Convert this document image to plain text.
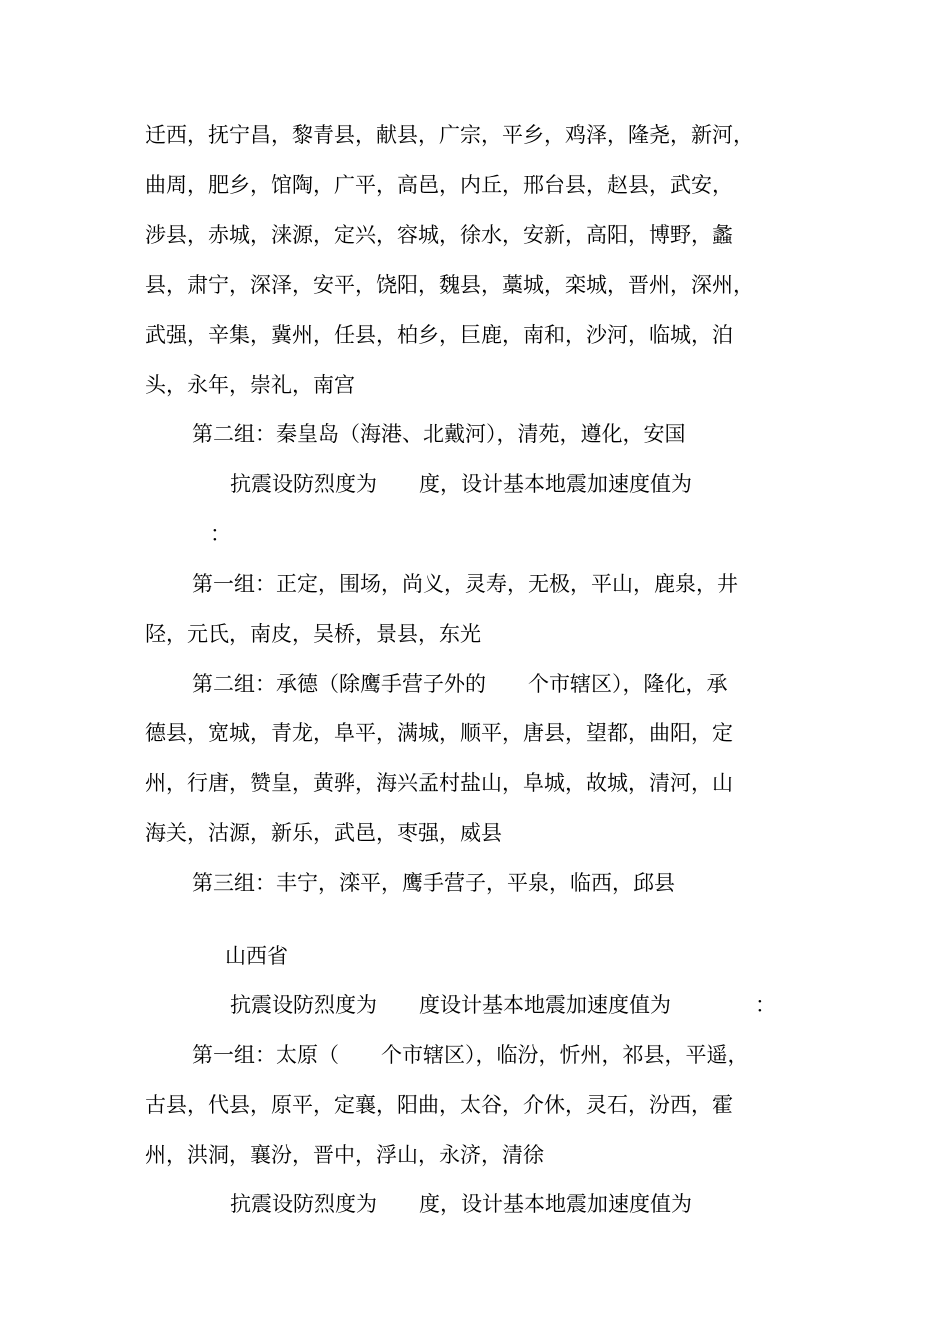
迁西，抚宁昌，黎青县，献县，广宗，平乡，鸡泽，隆尧，新河，
曲周，肥乡，馆陶，广平，高邑，内丘，邢台县，赵县，武安，
涉县，赤城，涞源，定兴，容城，徐水，安新，高阳，博野，蠡
县，肃宁，深泽，安平，饶阳，魏县，藁城，栾城，晋州，深州，
武强，辛集，冀州，任县，柏乡，巨鹿，南和，沙河，临城，泊
头，永年，崇礼，南宫
第二组：秦皇岛（海港、北戴河），清苑，遵化，安国
抗震设防烈度为　　度，设计基本地震加速度值为
：
第一组：正定，围场，尚义，灵寿，无极，平山，鹿泉，井
陉，元氏，南皮，吴桥，景县，东光
第二组：承德（除鹰手营子外的　　个市辖区），隆化，承
德县，宽城，青龙，阜平，满城，顺平，唐县，望都，曲阳，定
州，行唐，赞皇，黄骅，海兴孟村盐山，阜城，故城，清河，山
海关，沽源，新乐，武邑，枣强，威县
第三组：丰宁，滦平，鹰手营子，平泉，临西，邱县
山西省
抗震设防烈度为　　度设计基本地震加速度值为　　　　：
第一组：太原（　　个市辖区），临汾，忻州，祁县，平遥，
古县，代县，原平，定襄，阳曲，太谷，介休，灵石，汾西，霍
州，洪洞，襄汾，晋中，浮山，永济，清徐
抗震设防烈度为　　度，设计基本地震加速度值为
